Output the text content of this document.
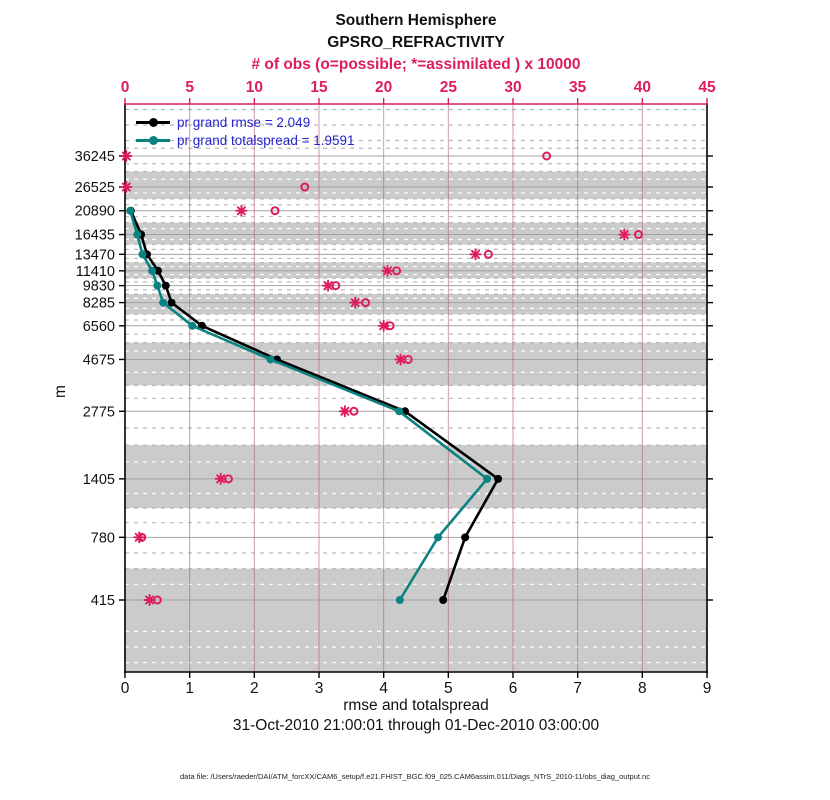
0	1	2	3	4	5	6	7	8	9
0	5	10	15	20	25	30	35	40	45
36245
26525
20890
16435
13470
11410
9830
8285
6560
4675
2775
1405
780
415
Southern Hemisphere
GPSRO_REFRACTIVITY
# of obs (o=possible; *=assimilated ) x 10000
pr grand rmse = 2.049
pr grand totalspread = 1.9591
m
rmse and totalspread
31-Oct-2010 21:00:01 through 01-Dec-2010 03:00:00
data file: /Users/raeder/DAI/ATM_forcXX/CAM6_setup/f.e21.FHIST_BGC.f09_025.CAM6assim.011/Diags_NTrS_2010-11/obs_diag_output.nc
